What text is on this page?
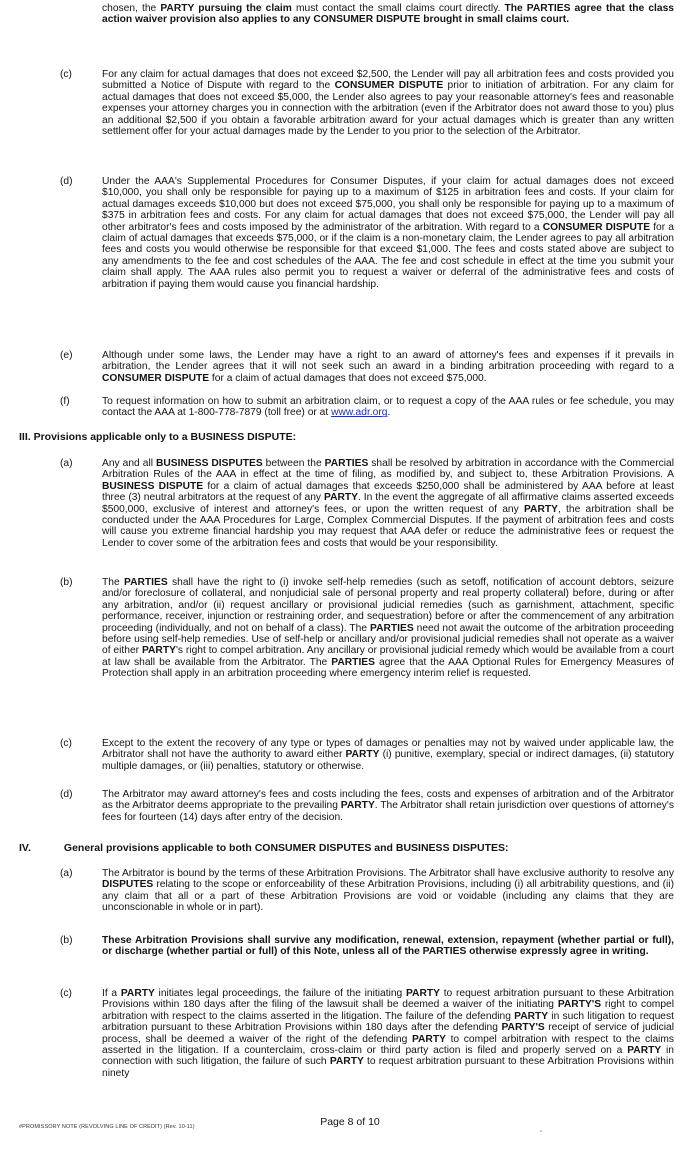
chosen, the PARTY pursuing the claim must contact the small claims court directly. The PARTIES agree that the class action waiver provision also applies to any CONSUMER DISPUTE brought in small claims court.
(c)	For any claim for actual damages that does not exceed $2,500, the Lender will pay all arbitration fees and costs provided you submitted a Notice of Dispute with regard to the CONSUMER DISPUTE prior to initiation of arbitration. For any claim for actual damages that does not exceed $5,000, the Lender also agrees to pay your reasonable attorney's fees and reasonable expenses your attorney charges you in connection with the arbitration (even if the Arbitrator does not award those to you) plus an additional $2,500 if you obtain a favorable arbitration award for your actual damages which is greater than any written settlement offer for your actual damages made by the Lender to you prior to the selection of the Arbitrator.
(d)	Under the AAA's Supplemental Procedures for Consumer Disputes, if your claim for actual damages does not exceed $10,000, you shall only be responsible for paying up to a maximum of $125 in arbitration fees and costs. If your claim for actual damages exceeds $10,000 but does not exceed $75,000, you shall only be responsible for paying up to a maximum of $375 in arbitration fees and costs. For any claim for actual damages that does not exceed $75,000, the Lender will pay all other arbitrator's fees and costs imposed by the administrator of the arbitration. With regard to a CONSUMER DISPUTE for a claim of actual damages that exceeds $75,000, or if the claim is a non-monetary claim, the Lender agrees to pay all arbitration fees and costs you would otherwise be responsible for that exceed $1,000. The fees and costs stated above are subject to any amendments to the fee and cost schedules of the AAA. The fee and cost schedule in effect at the time you submit your claim shall apply. The AAA rules also permit you to request a waiver or deferral of the administrative fees and costs of arbitration if paying them would cause you financial hardship.
(e)	Although under some laws, the Lender may have a right to an award of attorney's fees and expenses if it prevails in arbitration, the Lender agrees that it will not seek such an award in a binding arbitration proceeding with regard to a CONSUMER DISPUTE for a claim of actual damages that does not exceed $75,000.
(f)	To request information on how to submit an arbitration claim, or to request a copy of the AAA rules or fee schedule, you may contact the AAA at 1-800-778-7879 (toll free) or at www.adr.org.
III. Provisions applicable only to a BUSINESS DISPUTE:
(a)	Any and all BUSINESS DISPUTES between the PARTIES shall be resolved by arbitration in accordance with the Commercial Arbitration Rules of the AAA in effect at the time of filing, as modified by, and subject to, these Arbitration Provisions. A BUSINESS DISPUTE for a claim of actual damages that exceeds $250,000 shall be administered by AAA before at least three (3) neutral arbitrators at the request of any PARTY. In the event the aggregate of all affirmative claims asserted exceeds $500,000, exclusive of interest and attorney's fees, or upon the written request of any PARTY, the arbitration shall be conducted under the AAA Procedures for Large, Complex Commercial Disputes. If the payment of arbitration fees and costs will cause you extreme financial hardship you may request that AAA defer or reduce the administrative fees or request the Lender to cover some of the arbitration fees and costs that would be your responsibility.
(b)	The PARTIES shall have the right to (i) invoke self-help remedies (such as setoff, notification of account debtors, seizure and/or foreclosure of collateral, and nonjudicial sale of personal property and real property collateral) before, during or after any arbitration, and/or (ii) request ancillary or provisional judicial remedies (such as garnishment, attachment, specific performance, receiver, injunction or restraining order, and sequestration) before or after the commencement of any arbitration proceeding (individually, and not on behalf of a class). The PARTIES need not await the outcome of the arbitration proceeding before using self-help remedies. Use of self-help or ancillary and/or provisional judicial remedies shall not operate as a waiver of either PARTY's right to compel arbitration. Any ancillary or provisional judicial remedy which would be available from a court at law shall be available from the Arbitrator. The PARTIES agree that the AAA Optional Rules for Emergency Measures of Protection shall apply in an arbitration proceeding where emergency interim relief is requested.
(c)	Except to the extent the recovery of any type or types of damages or penalties may not by waived under applicable law, the Arbitrator shall not have the authority to award either PARTY (i) punitive, exemplary, special or indirect damages, (ii) statutory multiple damages, or (iii) penalties, statutory or otherwise.
(d)	The Arbitrator may award attorney's fees and costs including the fees, costs and expenses of arbitration and of the Arbitrator as the Arbitrator deems appropriate to the prevailing PARTY. The Arbitrator shall retain jurisdiction over questions of attorney's fees for fourteen (14) days after entry of the decision.
IV.	General provisions applicable to both CONSUMER DISPUTES and BUSINESS DISPUTES:
(a)	The Arbitrator is bound by the terms of these Arbitration Provisions. The Arbitrator shall have exclusive authority to resolve any DISPUTES relating to the scope or enforceability of these Arbitration Provisions, including (i) all arbitrability questions, and (ii) any claim that all or a part of these Arbitration Provisions are void or voidable (including any claims that they are unconscionable in whole or in part).
(b)	These Arbitration Provisions shall survive any modification, renewal, extension, repayment (whether partial or full), or discharge (whether partial or full) of this Note, unless all of the PARTIES otherwise expressly agree in writing.
(c)	If a PARTY initiates legal proceedings, the failure of the initiating PARTY to request arbitration pursuant to these Arbitration Provisions within 180 days after the filing of the lawsuit shall be deemed a waiver of the initiating PARTY'S right to compel arbitration with respect to the claims asserted in the litigation. The failure of the defending PARTY in such litigation to request arbitration pursuant to these Arbitration Provisions within 180 days after the defending PARTY'S receipt of service of judicial process, shall be deemed a waiver of the right of the defending PARTY to compel arbitration with respect to the claims asserted in the litigation. If a counterclaim, cross-claim or third party action is filed and properly served on a PARTY in connection with such litigation, the failure of such PARTY to request arbitration pursuant to these Arbitration Provisions within ninety
Page 8 of 10
#PROMISSORY NOTE (REVOLVING LINE OF CREDIT) (Rev. 10-11)
